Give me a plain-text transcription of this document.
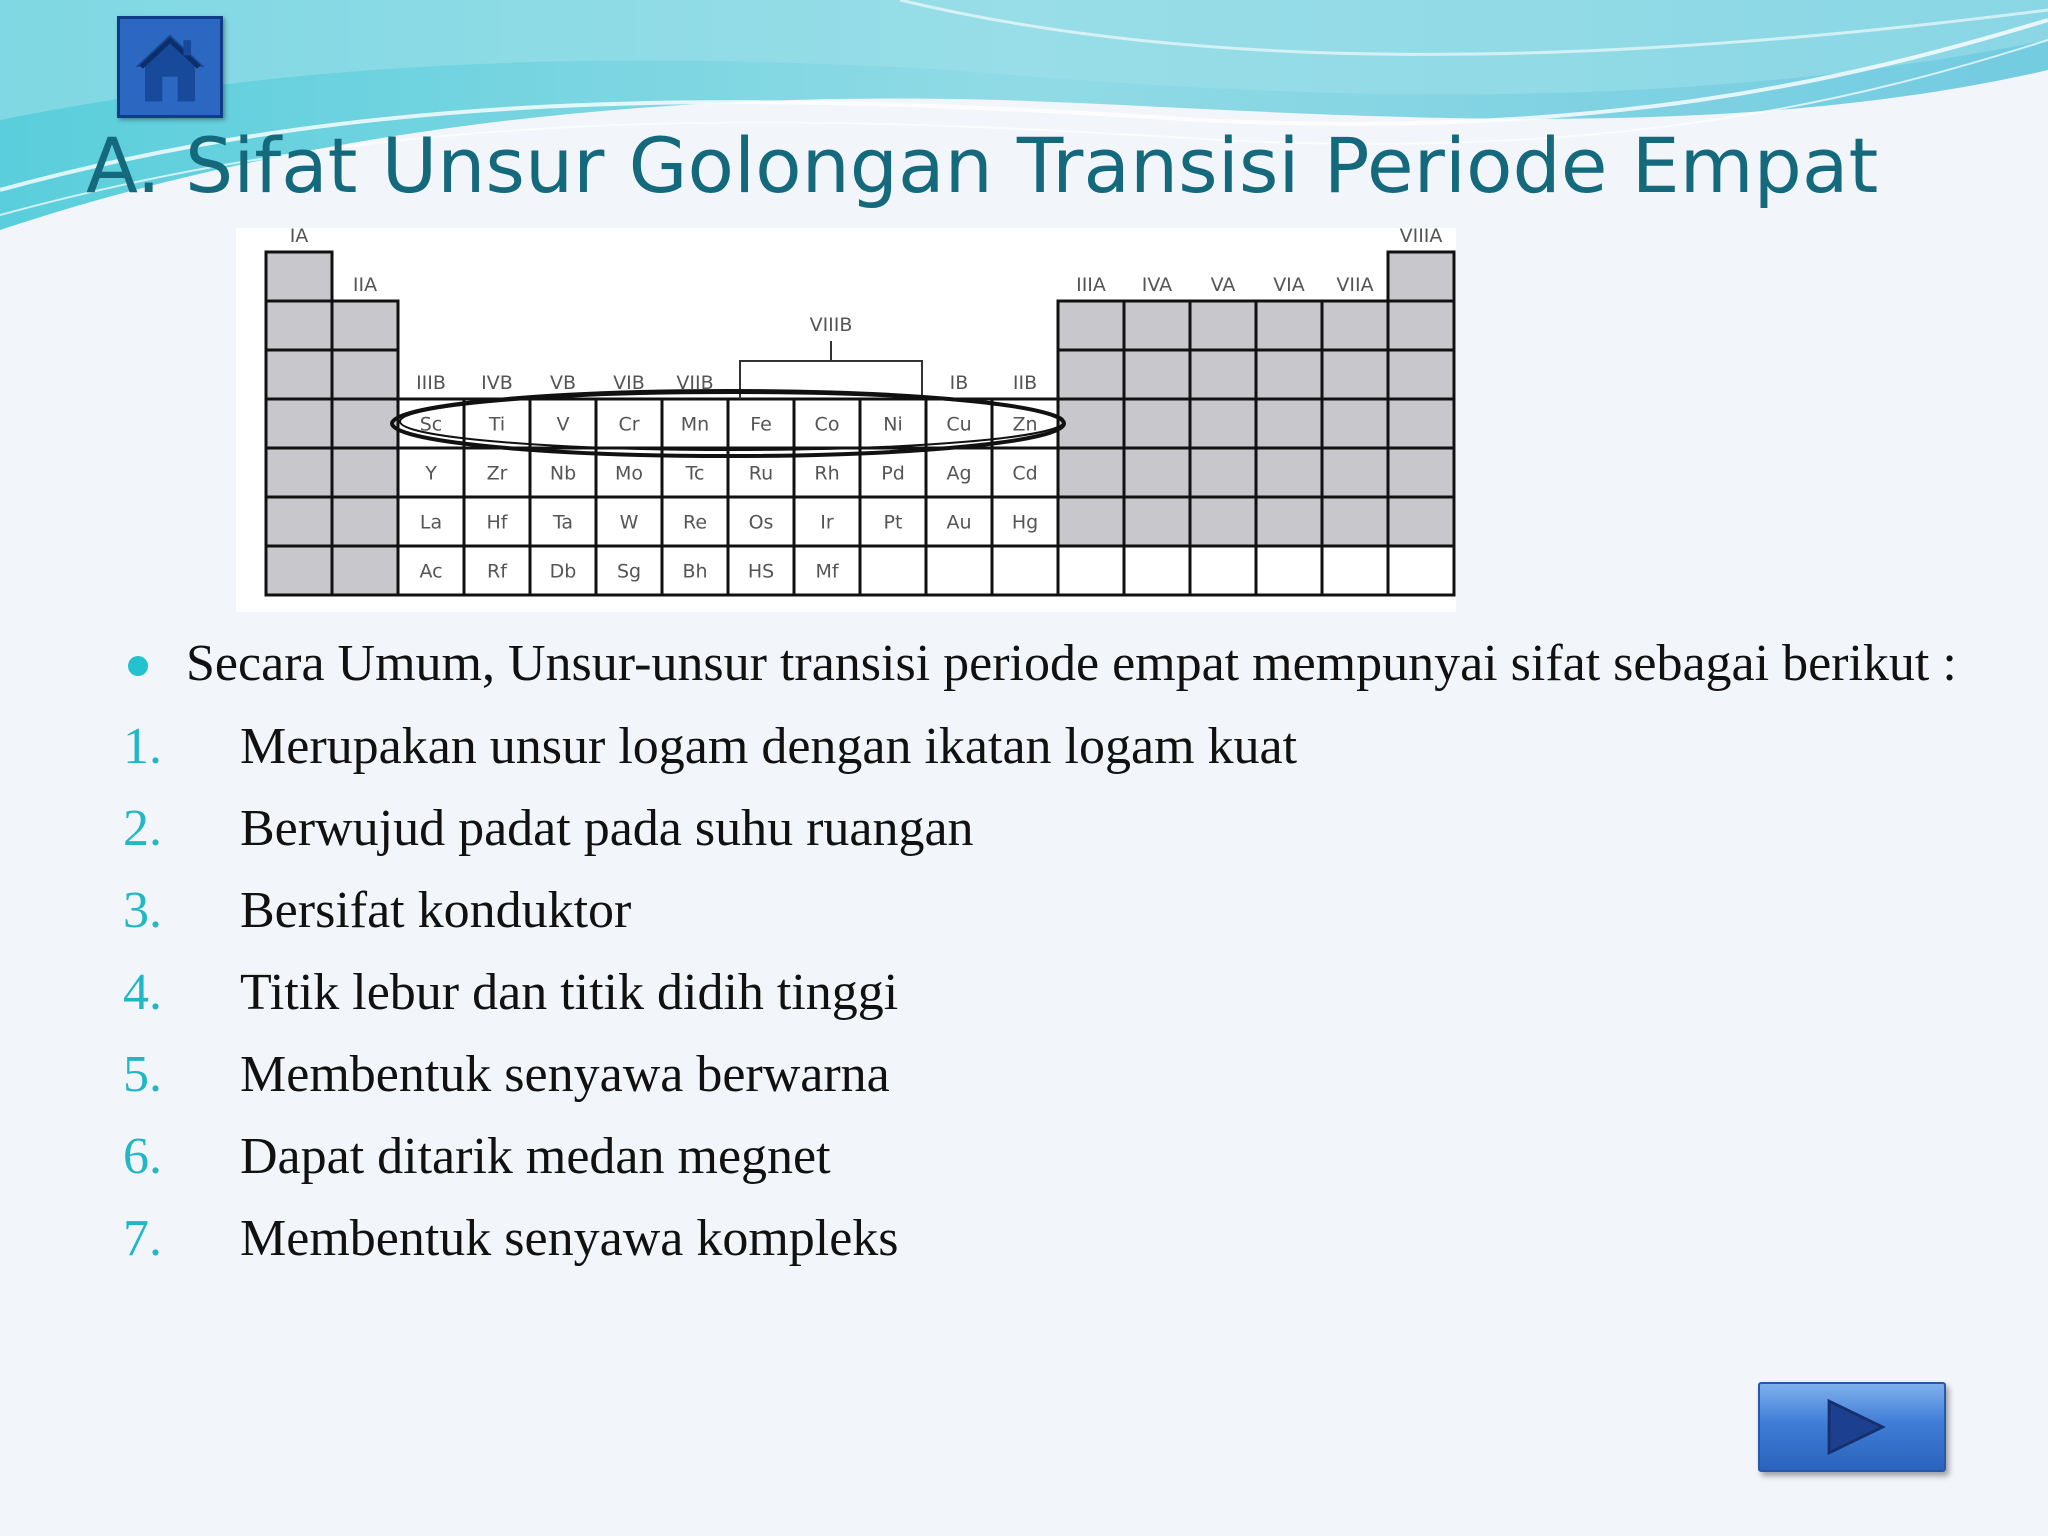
A. Sifat Unsur Golongan Transisi Periode Empat
Sc Ti	V	Cr Mn Fe Co Ni Cu Zn
Y	Zr Nb Mo Tc Ru Rh Pd Ag Cd
La Hf Ta W Re Os Ir	Pt Au Hg
Ac Rf Db Sg Bh HS Mf
IA
IIA
IIIB IVB VB VIB VIIB	IB IIB
IIIA IVA VA VIA VIIA
VIIIA
VIIIB
Secara Umum, Unsur-unsur transisi periode empat mempunyai sifat sebagai berikut :
1. Merupakan unsur logam dengan ikatan logam kuat
2. Berwujud padat pada suhu ruangan
3. Bersifat konduktor
4. Titik lebur dan titik didih tinggi
5. Membentuk senyawa berwarna
6. Dapat ditarik medan megnet
7. Membentuk senyawa kompleks
